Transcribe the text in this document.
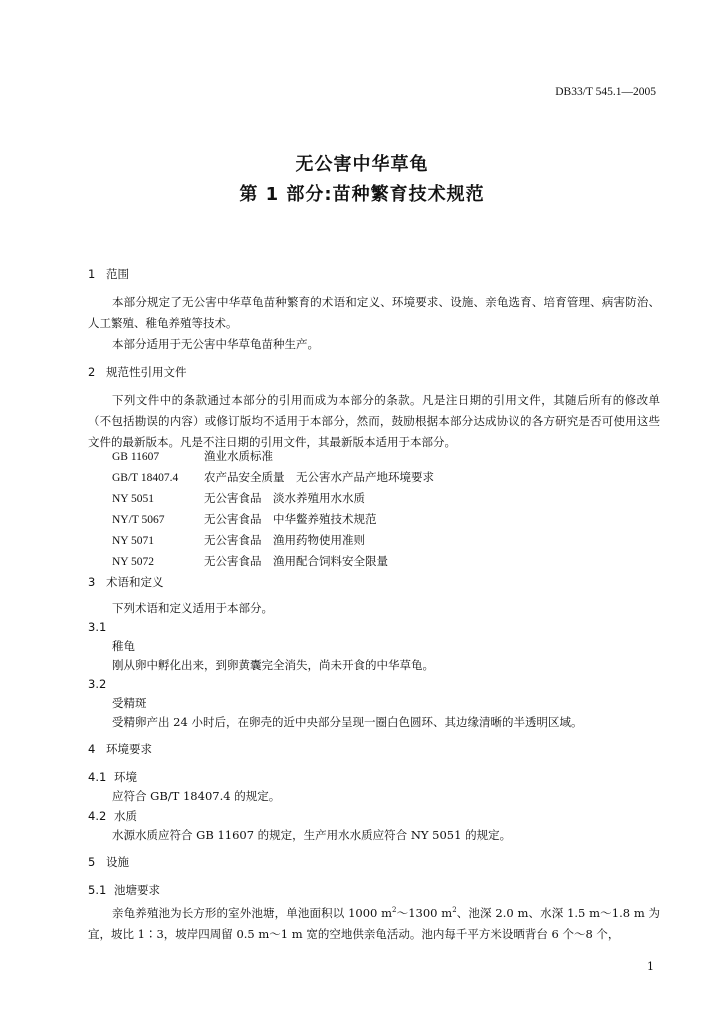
DB33/T 545.1—2005
无公害中华草龟
第 1 部分:苗种繁育技术规范
1 范围

本部分规定了无公害中华草龟苗种繁育的术语和定义、环境要求、设施、亲龟选育、培育管理、病害防治、人工繁殖、稚龟养殖等技术。

本部分适用于无公害中华草龟苗种生产。

2 规范性引用文件

下列文件中的条款通过本部分的引用而成为本部分的条款。凡是注日期的引用文件，其随后所有的修改单（不包括勘误的内容）或修订版均不适用于本部分，然而，鼓励根据本部分达成协议的各方研究是否可使用这些文件的最新版本。凡是不注日期的引用文件，其最新版本适用于本部分。

GB 11607	渔业水质标准
GB/T 18407.4 农产品安全质量　无公害水产品产地环境要求
NY 5051	无公害食品　淡水养殖用水水质
NY/T 5067	无公害食品　中华鳖养殖技术规范
NY 5071	无公害食品　渔用药物使用准则
NY 5072	无公害食品　渔用配合饲料安全限量
3 术语和定义
下列术语和定义适用于本部分。
3.1
稚龟
刚从卵中孵化出来，到卵黄囊完全消失，尚未开食的中华草龟。
3.2
受精斑
受精卵产出 24 小时后，在卵壳的近中央部分呈现一圈白色圆环、其边缘清晰的半透明区域。
4 环境要求
4.1 环境
应符合 GB/T 18407.4 的规定。
4.2 水质
水源水质应符合 GB 11607 的规定，生产用水水质应符合 NY 5051 的规定。
5 设施
5.1 池塘要求

亲龟养殖池为长方形的室外池塘，单池面积以 1000 $m^2\sim 1300$ $m^2$、池深 2.0 m、水深 1.5 m～1.8 m 为宜，坡比 1∶3，坡岸四周留 0.5 m～1 m 宽的空地供亲龟活动。池内每千平方米设晒背台 6 个～8 个，

1
